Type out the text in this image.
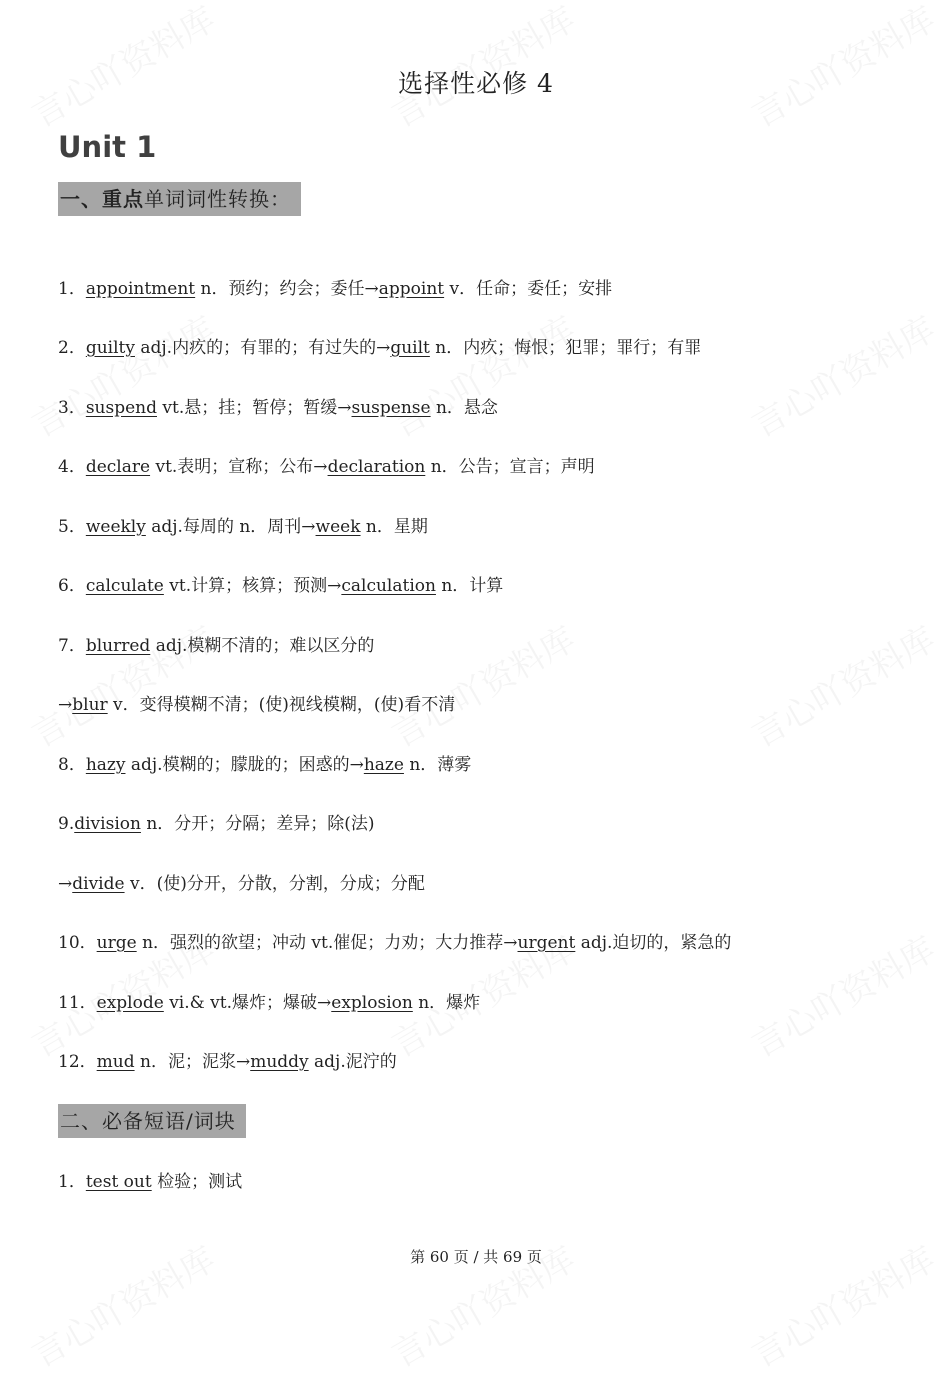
选择性必修 4
Unit 1
一、重点单词词性转换：
1．appointment n．预约；约会；委任→appoint v．任命；委任；安排
2．guilty adj.内疚的；有罪的；有过失的→guilt n．内疚；悔恨；犯罪；罪行；有罪
3．suspend vt.悬；挂；暂停；暂缓→suspense n．悬念
4．declare vt.表明；宣称；公布→declaration n．公告；宣言；声明
5．weekly adj.每周的 n．周刊→week n．星期
6．calculate vt.计算；核算；预测→calculation n．计算
7．blurred adj.模糊不清的；难以区分的
→blur v．变得模糊不清；(使)视线模糊，(使)看不清
8．hazy adj.模糊的；朦胧的；困惑的→haze n．薄雾
9.division n．分开；分隔；差异；除(法)
→divide v．(使)分开，分散，分割，分成；分配
10．urge n．强烈的欲望；冲动 vt.催促；力劝；大力推荐→urgent adj.迫切的，紧急的
11．explode vi.& vt.爆炸；爆破→explosion n．爆炸
12．mud n．泥；泥浆→muddy adj.泥泞的
二、必备短语/词块
1．test out 检验；测试
第 60 页 / 共 69 页
